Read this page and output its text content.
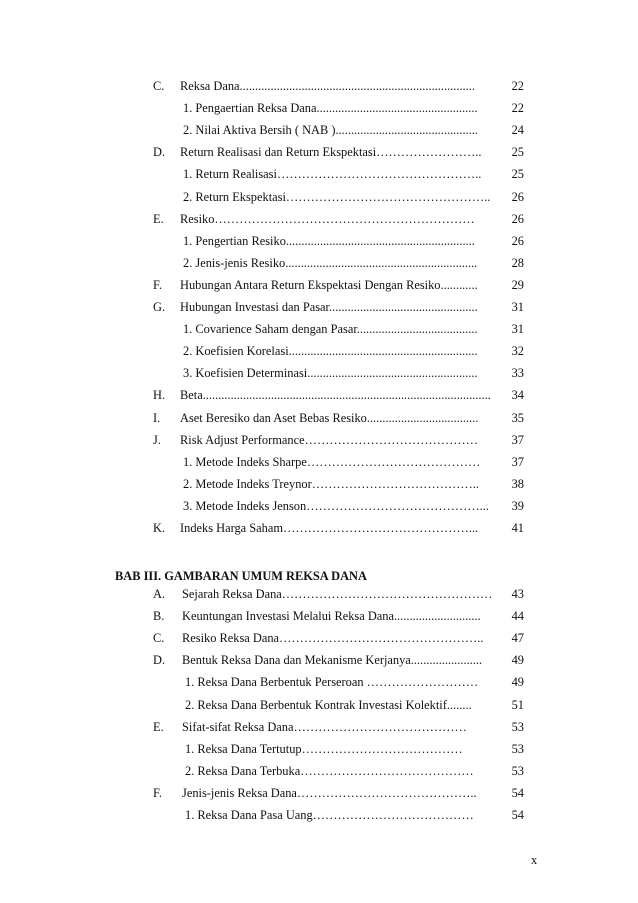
C. Reksa Dana............................................................................	22
1. Pengaertian Reksa Dana....................................................	22
2. Nilai Aktiva Bersih ( NAB )..............................................	24
D. Return Realisasi dan Return Ekspektasi……………………..	25
1. Return Realisasi…………………………………………..	25
2. Return Ekspektasi…………………………………………..	26
E. Resiko………………………………………………………	26
1. Pengertian Resiko.............................................................	26
2. Jenis-jenis Resiko..............................................................	28
F. Hubungan Antara Return Ekspektasi Dengan Resiko............	29
G. Hubungan Investasi dan Pasar................................................	31
1. Covarience Saham dengan Pasar.......................................	31
2. Koefisien Korelasi.............................................................	32
3. Koefisien Determinasi.......................................................	33
H. Beta.............................................................................................	34
I. Aset Beresiko dan Aset Bebas Resiko....................................	35
J. Risk Adjust Performance……………………………………	37
1. Metode Indeks Sharpe……………………………………	37
2. Metode Indeks Treynor…………………………………..	38
3. Metode Indeks Jenson……………………………………...	39
K. Indeks Harga Saham………………………………………...	41
BAB III. GAMBARAN UMUM REKSA DANA
A. Sejarah Reksa Dana……………………………………………	43
B. Keuntungan Investasi Melalui Reksa Dana............................	44
C. Resiko Reksa Dana…………………………………………..	47
D. Bentuk Reksa Dana dan Mekanisme Kerjanya.......................	49
1. Reksa Dana Berbentuk Perseroan ………………………	49
2. Reksa Dana Berbentuk Kontrak Investasi Kolektif........	51
E. Sifat-sifat Reksa Dana……………………………………	53
1. Reksa Dana Tertutup…………………………………	53
2. Reksa Dana Terbuka……………………………………	53
F. Jenis-jenis Reksa Dana……………………………………..	54
1. Reksa Dana Pasa Uang…………………………………	54
x
